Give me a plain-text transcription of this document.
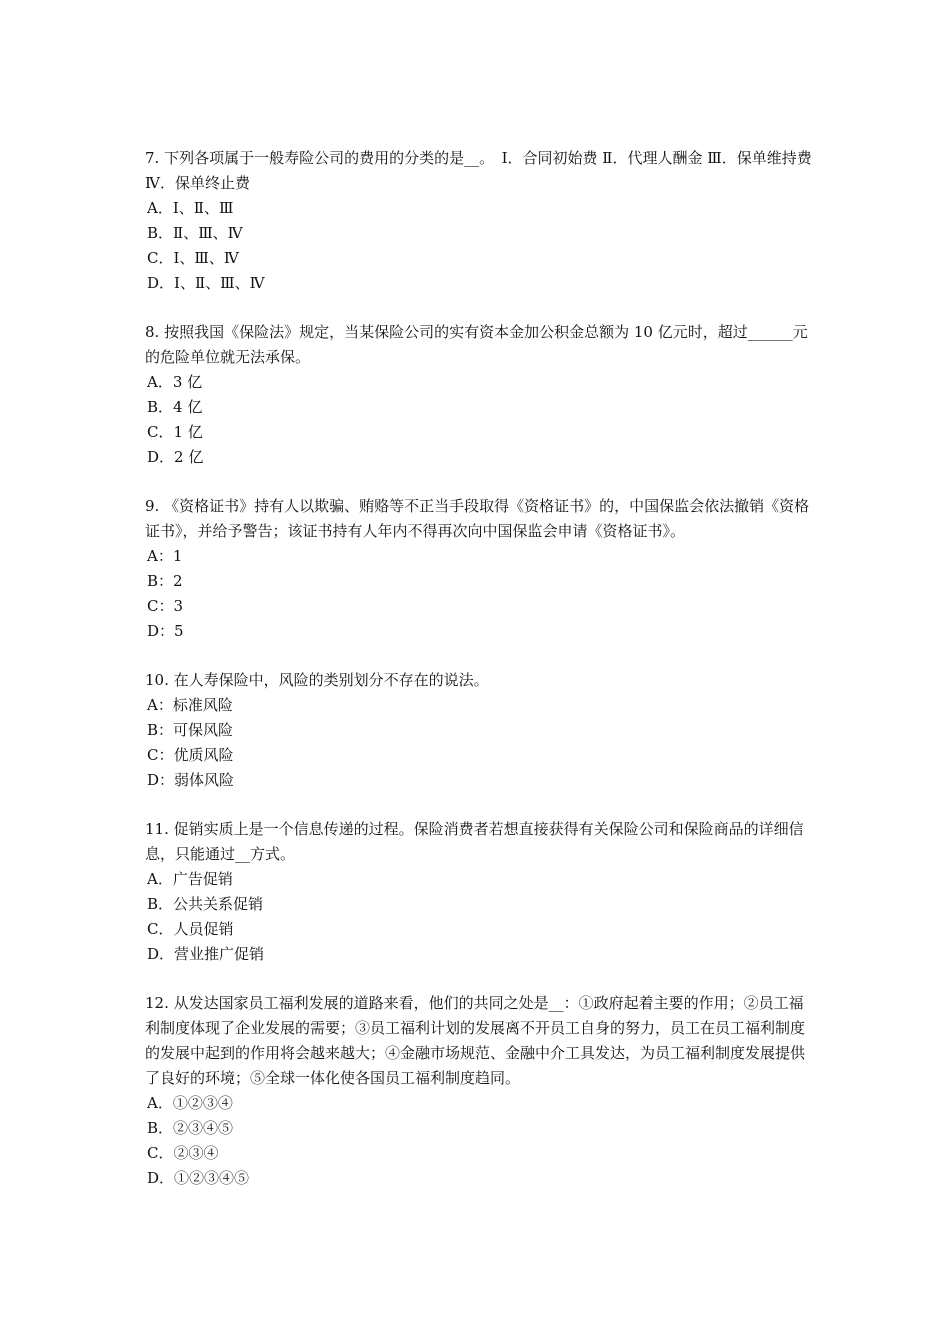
7. 下列各项属于一般寿险公司的费用的分类的是__。　Ⅰ．合同初始费 Ⅱ．代理人酬金 Ⅲ．保单维持费 Ⅳ．保单终止费

A．Ⅰ、Ⅱ、Ⅲ

B．Ⅱ、Ⅲ、Ⅳ

C．Ⅰ、Ⅲ、Ⅳ

D．Ⅰ、Ⅱ、Ⅲ、Ⅳ

8. 按照我国《保险法》规定，当某保险公司的实有资本金加公积金总额为 10 亿元时，超过______元的危险单位就无法承保。

A．3 亿

B．4 亿

C．1 亿

D．2 亿

9. 《资格证书》持有人以欺骗、贿赂等不正当手段取得《资格证书》的，中国保监会依法撤销《资格证书》，并给予警告；该证书持有人年内不得再次向中国保监会申请《资格证书》。

A：1

B：2

C：3

D：5

10. 在人寿保险中，风险的类别划分不存在的说法。

A：标准风险

B：可保风险

C：优质风险

D：弱体风险

11. 促销实质上是一个信息传递的过程。保险消费者若想直接获得有关保险公司和保险商品的详细信息，只能通过__方式。

A．广告促销

B．公共关系促销

C．人员促销

D．营业推广促销

12. 从发达国家员工福利发展的道路来看，他们的共同之处是__：①政府起着主要的作用；②员工福利制度体现了企业发展的需要；③员工福利计划的发展离不开员工自身的努力，员工在员工福利制度的发展中起到的作用将会越来越大；④金融市场规范、金融中介工具发达，为员工福利制度发展提供了良好的环境；⑤全球一体化使各国员工福利制度趋同。

A．①②③④

B．②③④⑤

C．②③④

D．①②③④⑤
